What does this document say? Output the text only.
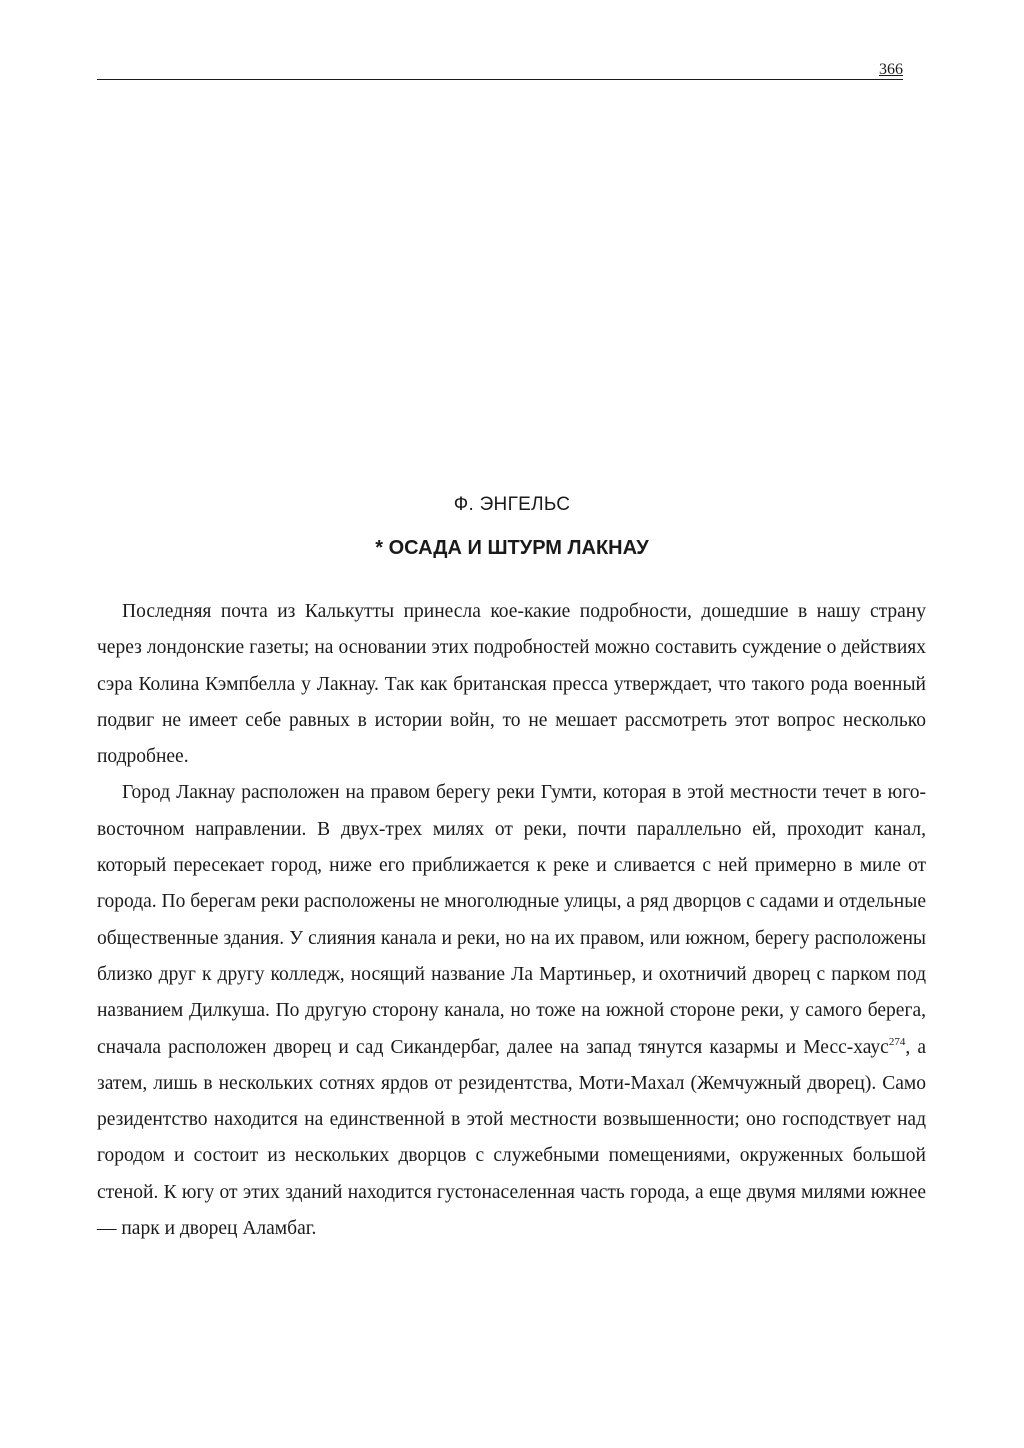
366
Ф. ЭНГЕЛЬС
* ОСАДА И ШТУРМ ЛАКНАУ

Последняя почта из Калькутты принесла кое-какие подробности, дошедшие в нашу страну через лондонские газеты; на основании этих подробностей можно составить суждение о действиях сэра Колина Кэмпбелла у Лакнау. Так как британская пресса утверждает, что такого рода военный подвиг не имеет себе равных в истории войн, то не мешает рассмотреть этот вопрос несколько подробнее.

Город Лакнау расположен на правом берегу реки Гумти, которая в этой местности течет в юго-восточном направлении. В двух-трех милях от реки, почти параллельно ей, проходит канал, который пересекает город, ниже его приближается к реке и сливается с ней примерно в миле от города. По берегам реки расположены не многолюдные улицы, а ряд дворцов с садами и отдельные общественные здания. У слияния канала и реки, но на их правом, или южном, берегу расположены близко друг к другу колледж, носящий название Ла Мартиньер, и охотничий дворец с парком под названием Дилкуша. По другую сторону канала, но тоже на южной стороне реки, у самого берега, сначала расположен дворец и сад Сикандербаг, далее на запад тянутся казармы и Месс-хаус$^{274}$, а затем, лишь в нескольких сотнях ярдов от резидентства, Моти-Махал (Жемчужный дворец). Само резидентство находится на единственной в этой местности возвышенности; оно господствует над городом и состоит из нескольких дворцов с служебными помещениями, окруженных большой стеной. К югу от этих зданий находится густонаселенная часть города, а еще двумя милями южнее — парк и дворец Аламбаг.
